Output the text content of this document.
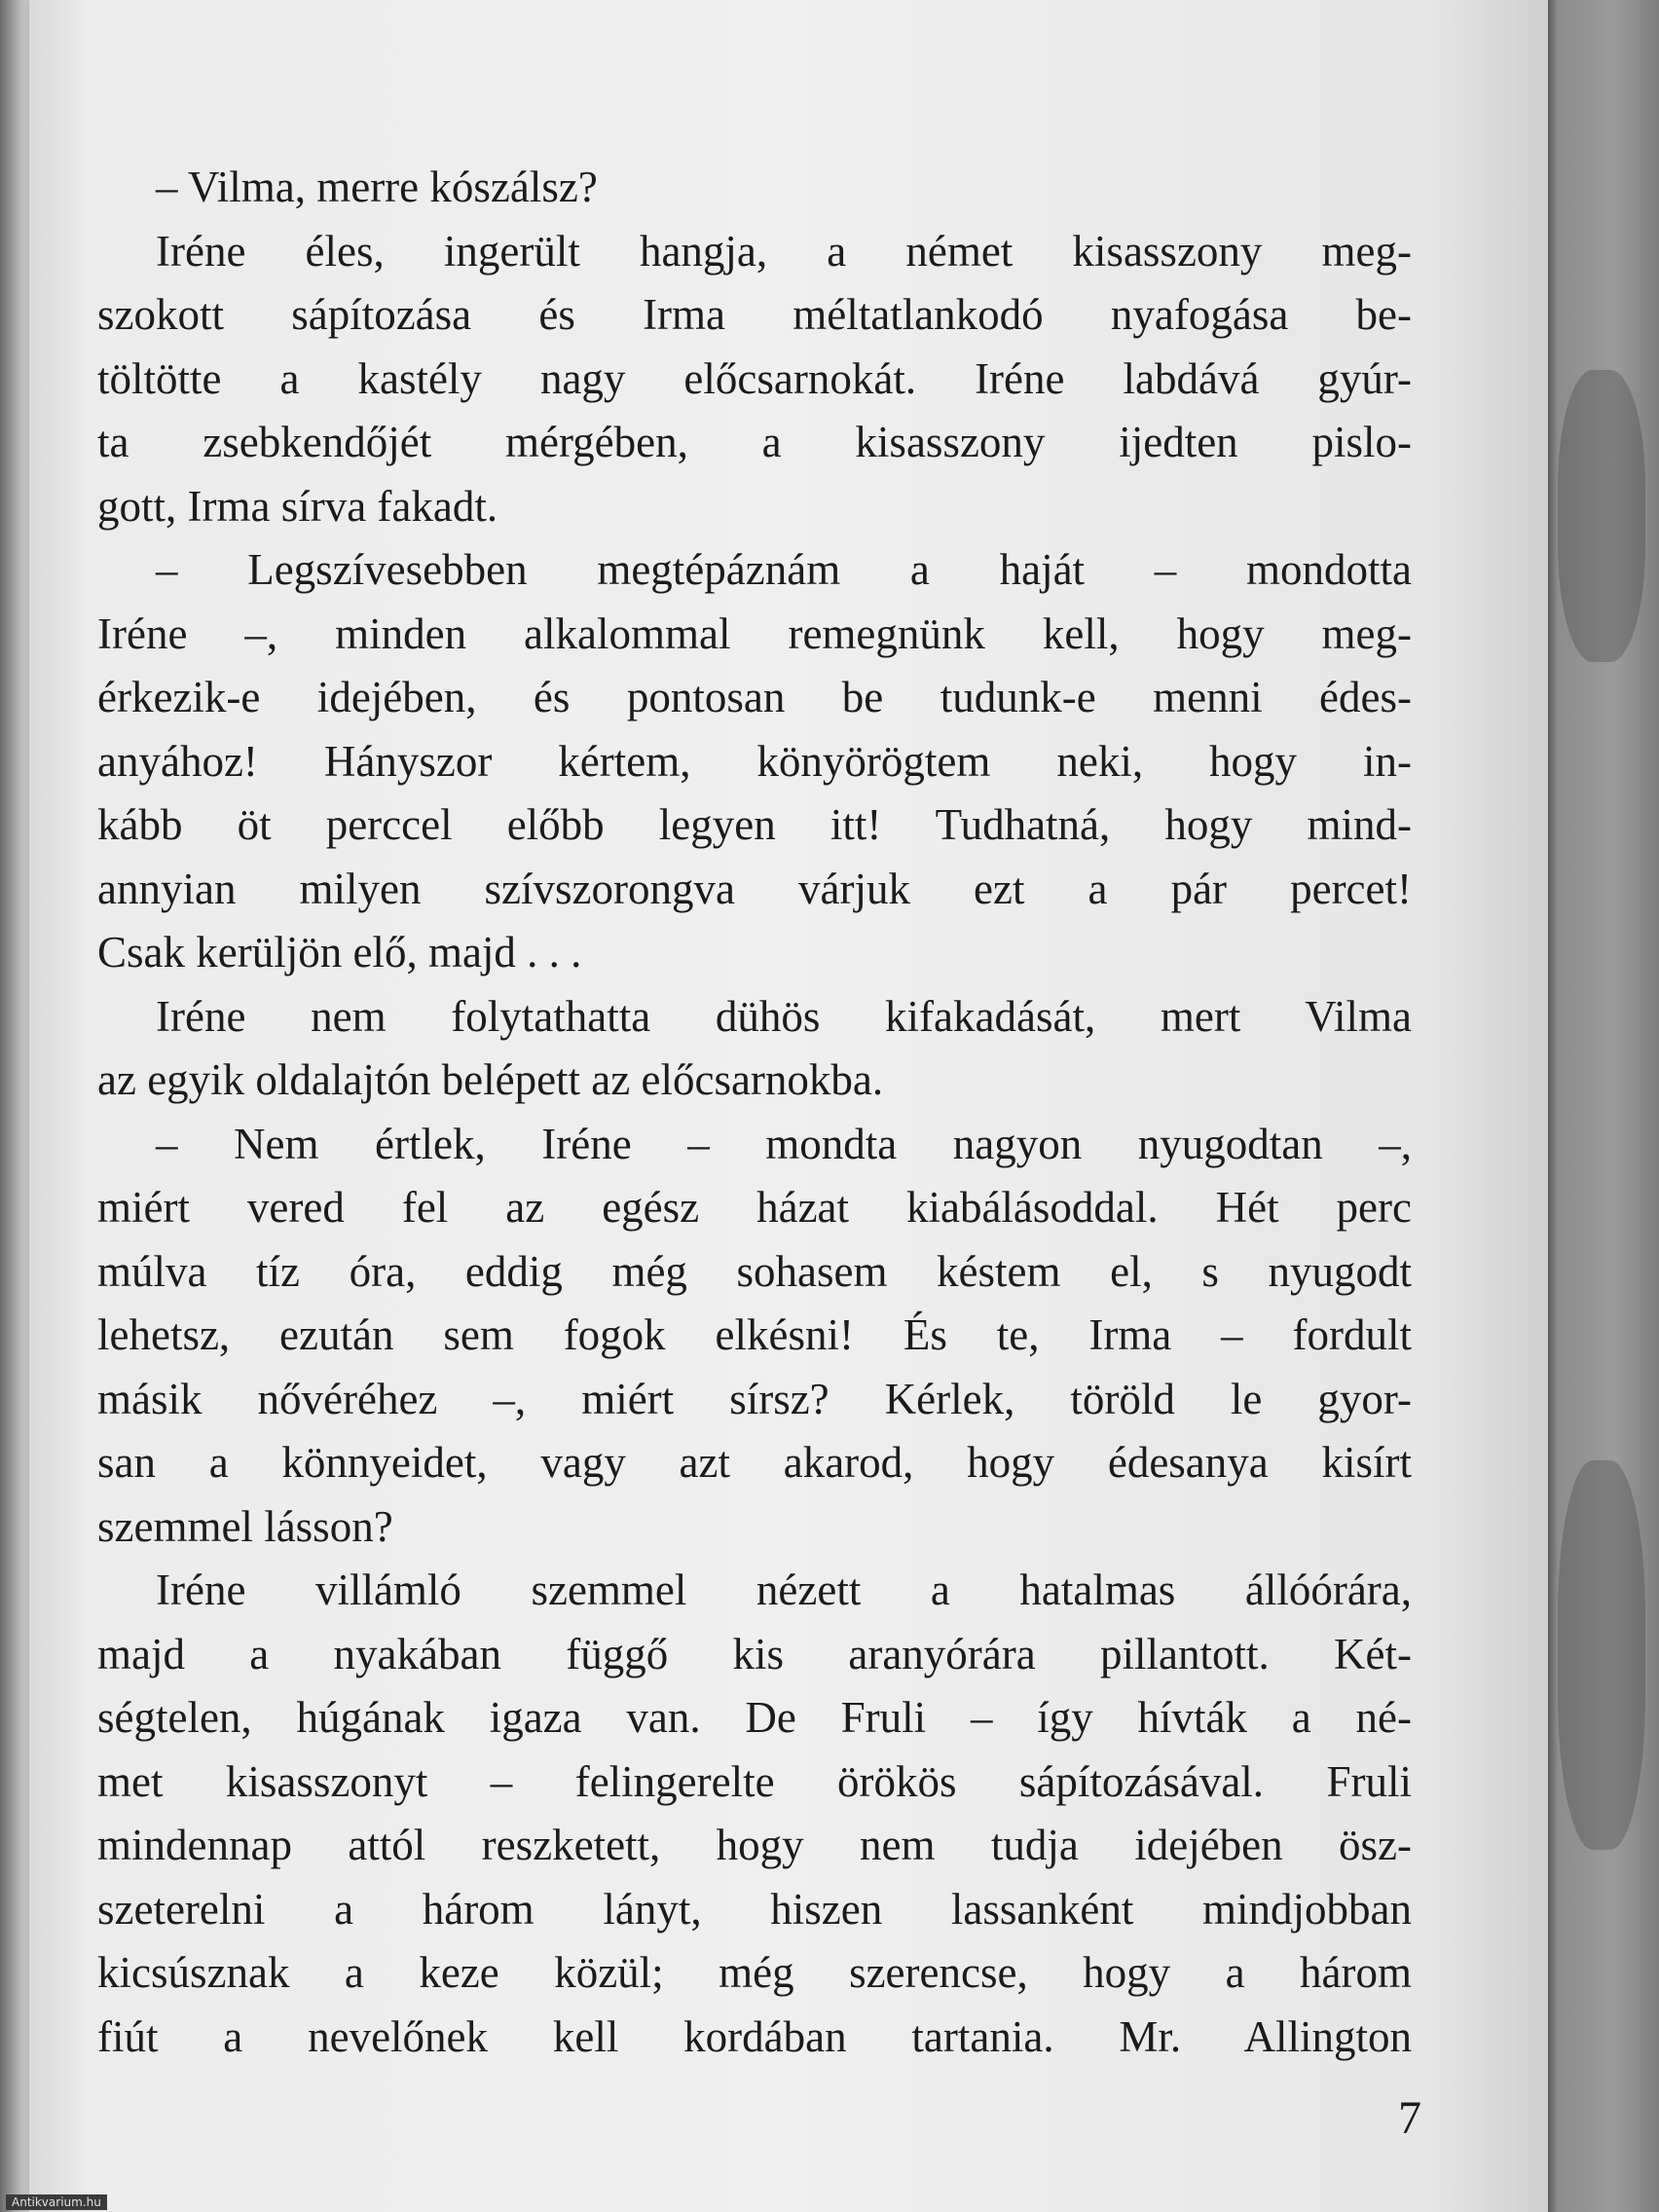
– Vilma, merre kószálsz?
Iréne éles, ingerült hangja, a német kisasszony meg-
szokott sápítozása és Irma méltatlankodó nyafogása be-
töltötte a kastély nagy előcsarnokát. Iréne labdává gyúr-
ta zsebkendőjét mérgében, a kisasszony ijedten pislo-
gott, Irma sírva fakadt.
– Legszívesebben megtépáznám a haját – mondotta
Iréne –, minden alkalommal remegnünk kell, hogy meg-
érkezik-e idejében, és pontosan be tudunk-e menni édes-
anyához! Hányszor kértem, könyörögtem neki, hogy in-
kább öt perccel előbb legyen itt! Tudhatná, hogy mind-
annyian milyen szívszorongva várjuk ezt a pár percet!
Csak kerüljön elő, majd . . .
Iréne nem folytathatta dühös kifakadását, mert Vilma
az egyik oldalajtón belépett az előcsarnokba.
– Nem értlek, Iréne – mondta nagyon nyugodtan –,
miért vered fel az egész házat kiabálásoddal. Hét perc
múlva tíz óra, eddig még sohasem késtem el, s nyugodt
lehetsz, ezután sem fogok elkésni! És te, Irma – fordult
másik nővéréhez –, miért sírsz? Kérlek, töröld le gyor-
san a könnyeidet, vagy azt akarod, hogy édesanya kisírt
szemmel lásson?
Iréne villámló szemmel nézett a hatalmas állóórára,
majd a nyakában függő kis aranyórára pillantott. Két-
ségtelen, húgának igaza van. De Fruli – így hívták a né-
met kisasszonyt – felingerelte örökös sápítozásával. Fruli
mindennap attól reszketett, hogy nem tudja idejében ösz-
szeterelni a három lányt, hiszen lassanként mindjobban
kicsúsznak a keze közül; még szerencse, hogy a három
fiút a nevelőnek kell kordában tartania. Mr. Allington
7
Antikvarium.hu
